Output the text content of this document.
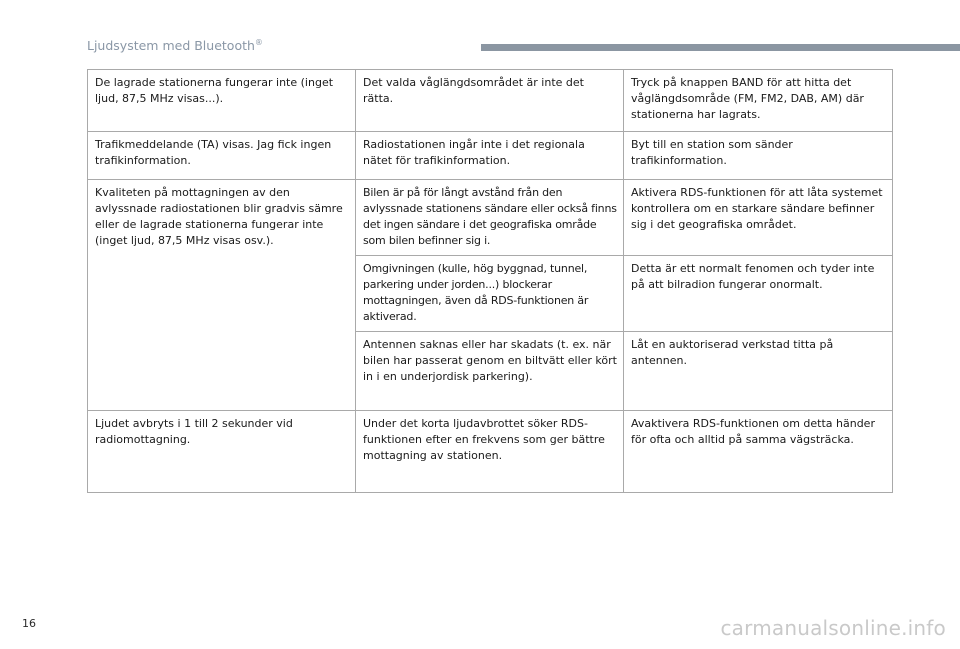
Ljudsystem med Bluetooth®
De lagrade stationerna fungerar inte (inget ljud, 87,5 MHz visas...).	Det valda våglängdsområdet är inte det rätta.	Tryck på knappen BAND för att hitta det våglängdsområde (FM, FM2, DAB, AM) där stationerna har lagrats.
Trafikmeddelande (TA) visas. Jag fick ingen trafikinformation.	Radiostationen ingår inte i det regionala nätet för trafikinformation.	Byt till en station som sänder trafikinformation.
Kvaliteten på mottagningen av den avlyssnade radiostationen blir gradvis sämre eller de lagrade stationerna fungerar inte (inget ljud, 87,5 MHz visas osv.).	Bilen är på för långt avstånd från den avlyssnade stationens sändare eller också finns det ingen sändare i det geografiska område som bilen befinner sig i.	Aktivera RDS-funktionen för att låta systemet kontrollera om en starkare sändare befinner sig i det geografiska området.
	Omgivningen (kulle, hög byggnad, tunnel, parkering under jorden...) blockerar mottagningen, även då RDS-funktionen är aktiverad.	Detta är ett normalt fenomen och tyder inte på att bilradion fungerar onormalt.
	Antennen saknas eller har skadats (t. ex. när bilen har passerat genom en biltvätt eller kört in i en underjordisk parkering).	Låt en auktoriserad verkstad titta på antennen.
Ljudet avbryts i 1 till 2 sekunder vid radiomottagning.	Under det korta ljudavbrottet söker RDS-funktionen efter en frekvens som ger bättre mottagning av stationen.	Avaktivera RDS-funktionen om detta händer för ofta och alltid på samma vägsträcka.
16	carmanualsonline.info
